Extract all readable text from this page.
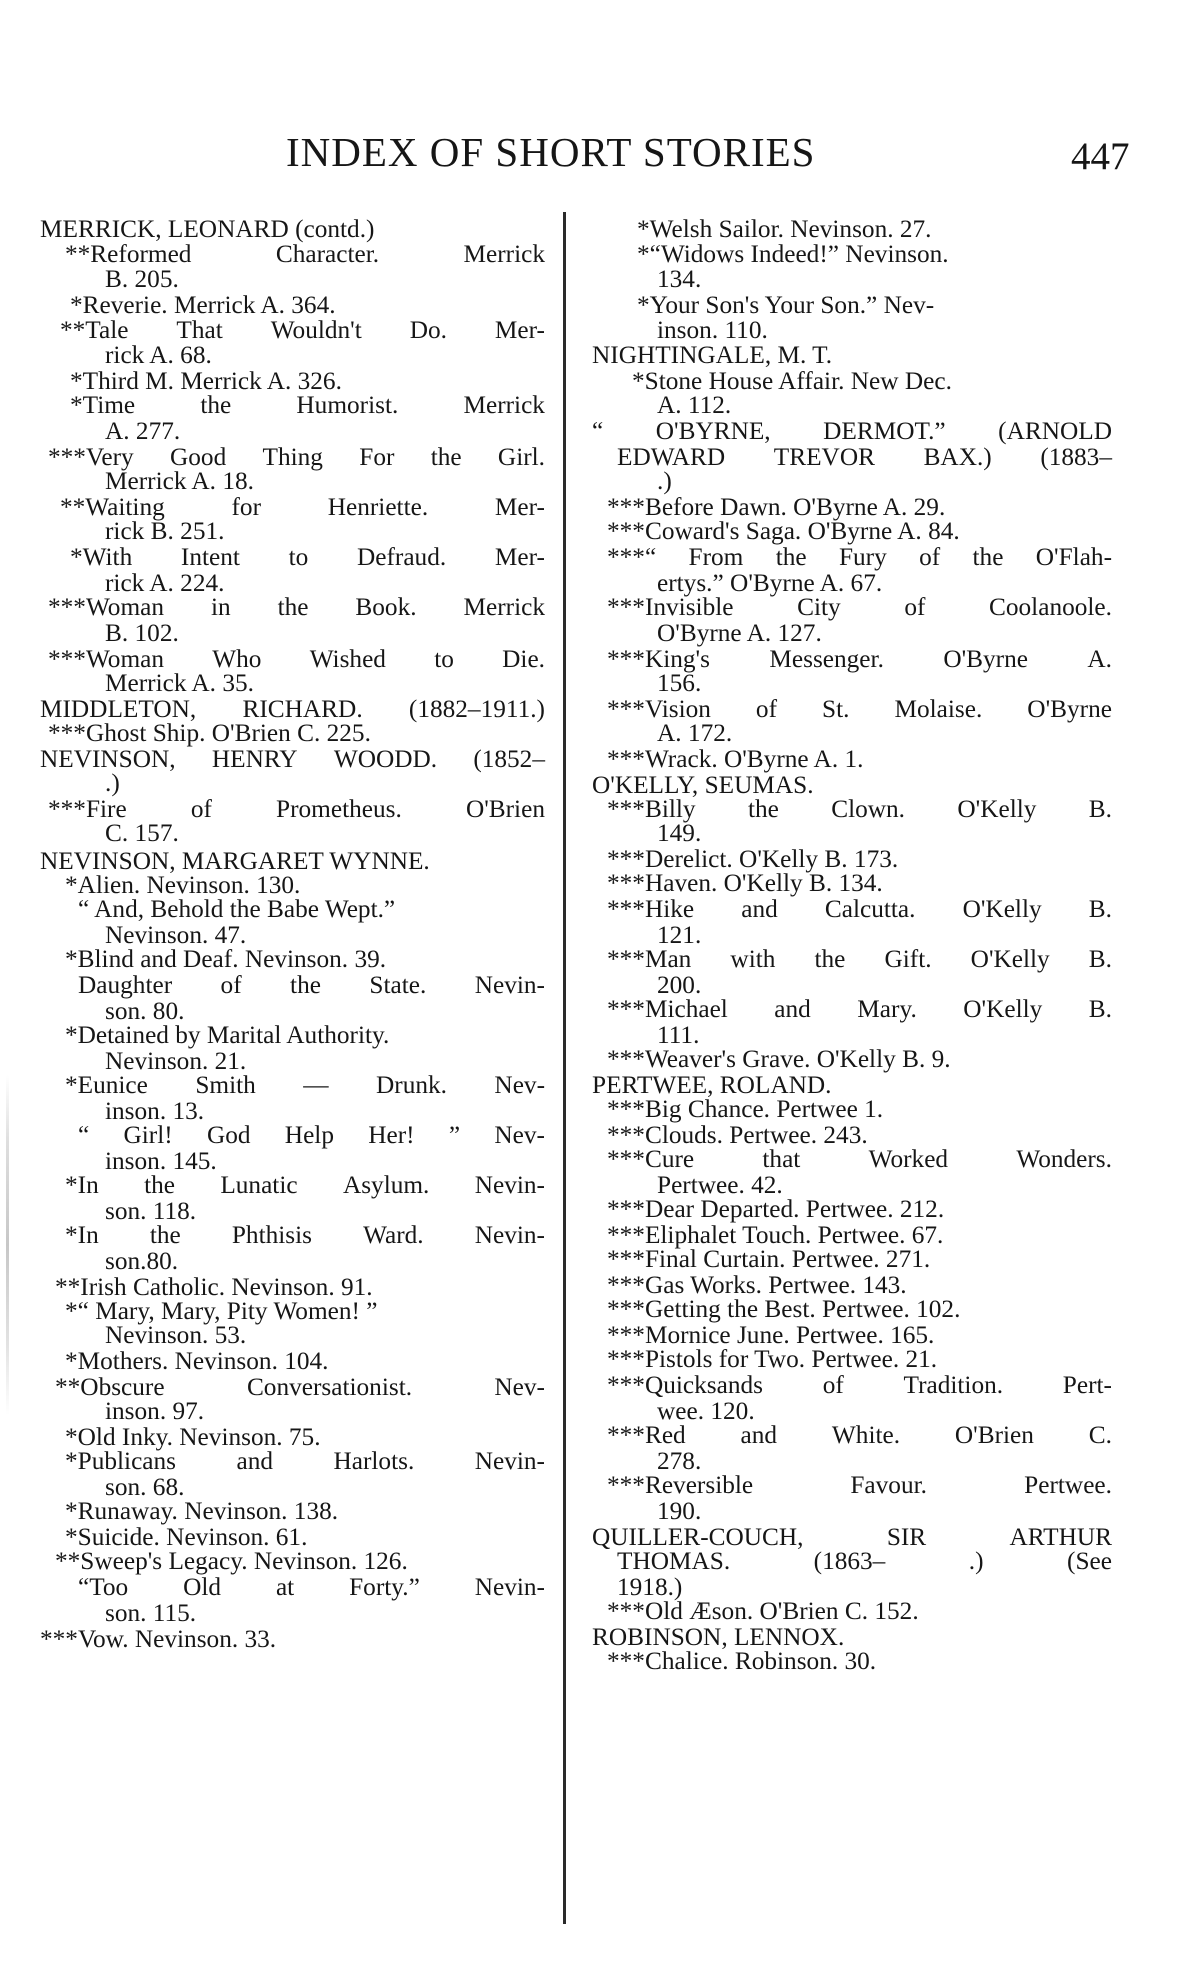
INDEX OF SHORT STORIES	447
MERRICK, LEONARD (contd.)
**Reformed	Character.	Merrick
B. 205.
*Reverie. Merrick A. 364.
**Tale That Wouldn't Do. Mer-
rick A. 68.
*Third M. Merrick A. 326.
*Time	the	Humorist.	Merrick
A. 277.
***Very Good Thing For the Girl.
Merrick A. 18.
**Waiting	for	Henriette.	Mer-
rick B. 251.
*With Intent to Defraud. Mer-
rick A. 224.
***Woman in the Book. Merrick
B. 102.
***Woman Who Wished to Die.
Merrick A. 35.
MIDDLETON, RICHARD. (1882–1911.)
***Ghost Ship. O'Brien C. 225.
NEVINSON, HENRY WOODD. (1852–
.)
***Fire	of	Prometheus.	O'Brien
C. 157.
NEVINSON, MARGARET WYNNE.
*Alien. Nevinson. 130.
“ And, Behold the Babe Wept.”
Nevinson. 47.
*Blind and Deaf. Nevinson. 39.
Daughter of the State. Nevin-
son. 80.
*Detained by Marital Authority.
Nevinson. 21.
*Eunice Smith — Drunk. Nev-
inson. 13.
“ Girl! God Help Her! ” Nev-
inson. 145.
*In the Lunatic Asylum. Nevin-
son. 118.
*In the Phthisis Ward. Nevin-
son.80.
**Irish Catholic. Nevinson. 91.
*“ Mary, Mary, Pity Women! ”
Nevinson. 53.
*Mothers. Nevinson. 104.
**Obscure	Conversationist.	Nev-
inson. 97.
*Old Inky. Nevinson. 75.
*Publicans and Harlots. Nevin-
son. 68.
*Runaway. Nevinson. 138.
*Suicide. Nevinson. 61.
**Sweep's Legacy. Nevinson. 126.
“Too Old at Forty.” Nevin-
son. 115.
***Vow. Nevinson. 33.
*Welsh Sailor. Nevinson. 27.
*“Widows Indeed!” Nevinson.
134.
*Your Son's Your Son.” Nev-
inson. 110.
NIGHTINGALE, M. T.
*Stone House Affair. New Dec.
A. 112.
“ O'BYRNE, DERMOT.” (ARNOLD
EDWARD TREVOR BAX.) (1883–
.)
***Before Dawn. O'Byrne A. 29.
***Coward's Saga. O'Byrne A. 84.
***“ From the Fury of the O'Flah-
ertys.” O'Byrne A. 67.
***Invisible	City	of	Coolanoole.
O'Byrne A. 127.
***King's Messenger. O'Byrne A.
156.
***Vision of St. Molaise. O'Byrne
A. 172.
***Wrack. O'Byrne A. 1.
O'KELLY, SEUMAS.
***Billy the Clown. O'Kelly B.
149.
***Derelict. O'Kelly B. 173.
***Haven. O'Kelly B. 134.
***Hike and Calcutta. O'Kelly B.
121.
***Man with the Gift. O'Kelly B.
200.
***Michael and Mary. O'Kelly B.
111.
***Weaver's Grave. O'Kelly B. 9.
PERTWEE, ROLAND.
***Big Chance. Pertwee 1.
***Clouds. Pertwee. 243.
***Cure	that	Worked	Wonders.
Pertwee. 42.
***Dear Departed. Pertwee. 212.
***Eliphalet Touch. Pertwee. 67.
***Final Curtain. Pertwee. 271.
***Gas Works. Pertwee. 143.
***Getting the Best. Pertwee. 102.
***Mornice June. Pertwee. 165.
***Pistols for Two. Pertwee. 21.
***Quicksands of Tradition. Pert-
wee. 120.
***Red and White. O'Brien C.
278.
***Reversible	Favour.	Pertwee.
190.
QUILLER-COUCH,	SIR	ARTHUR
THOMAS.	(1863–	.)	(See
1918.)
***Old Æson. O'Brien C. 152.
ROBINSON, LENNOX.
***Chalice. Robinson. 30.
